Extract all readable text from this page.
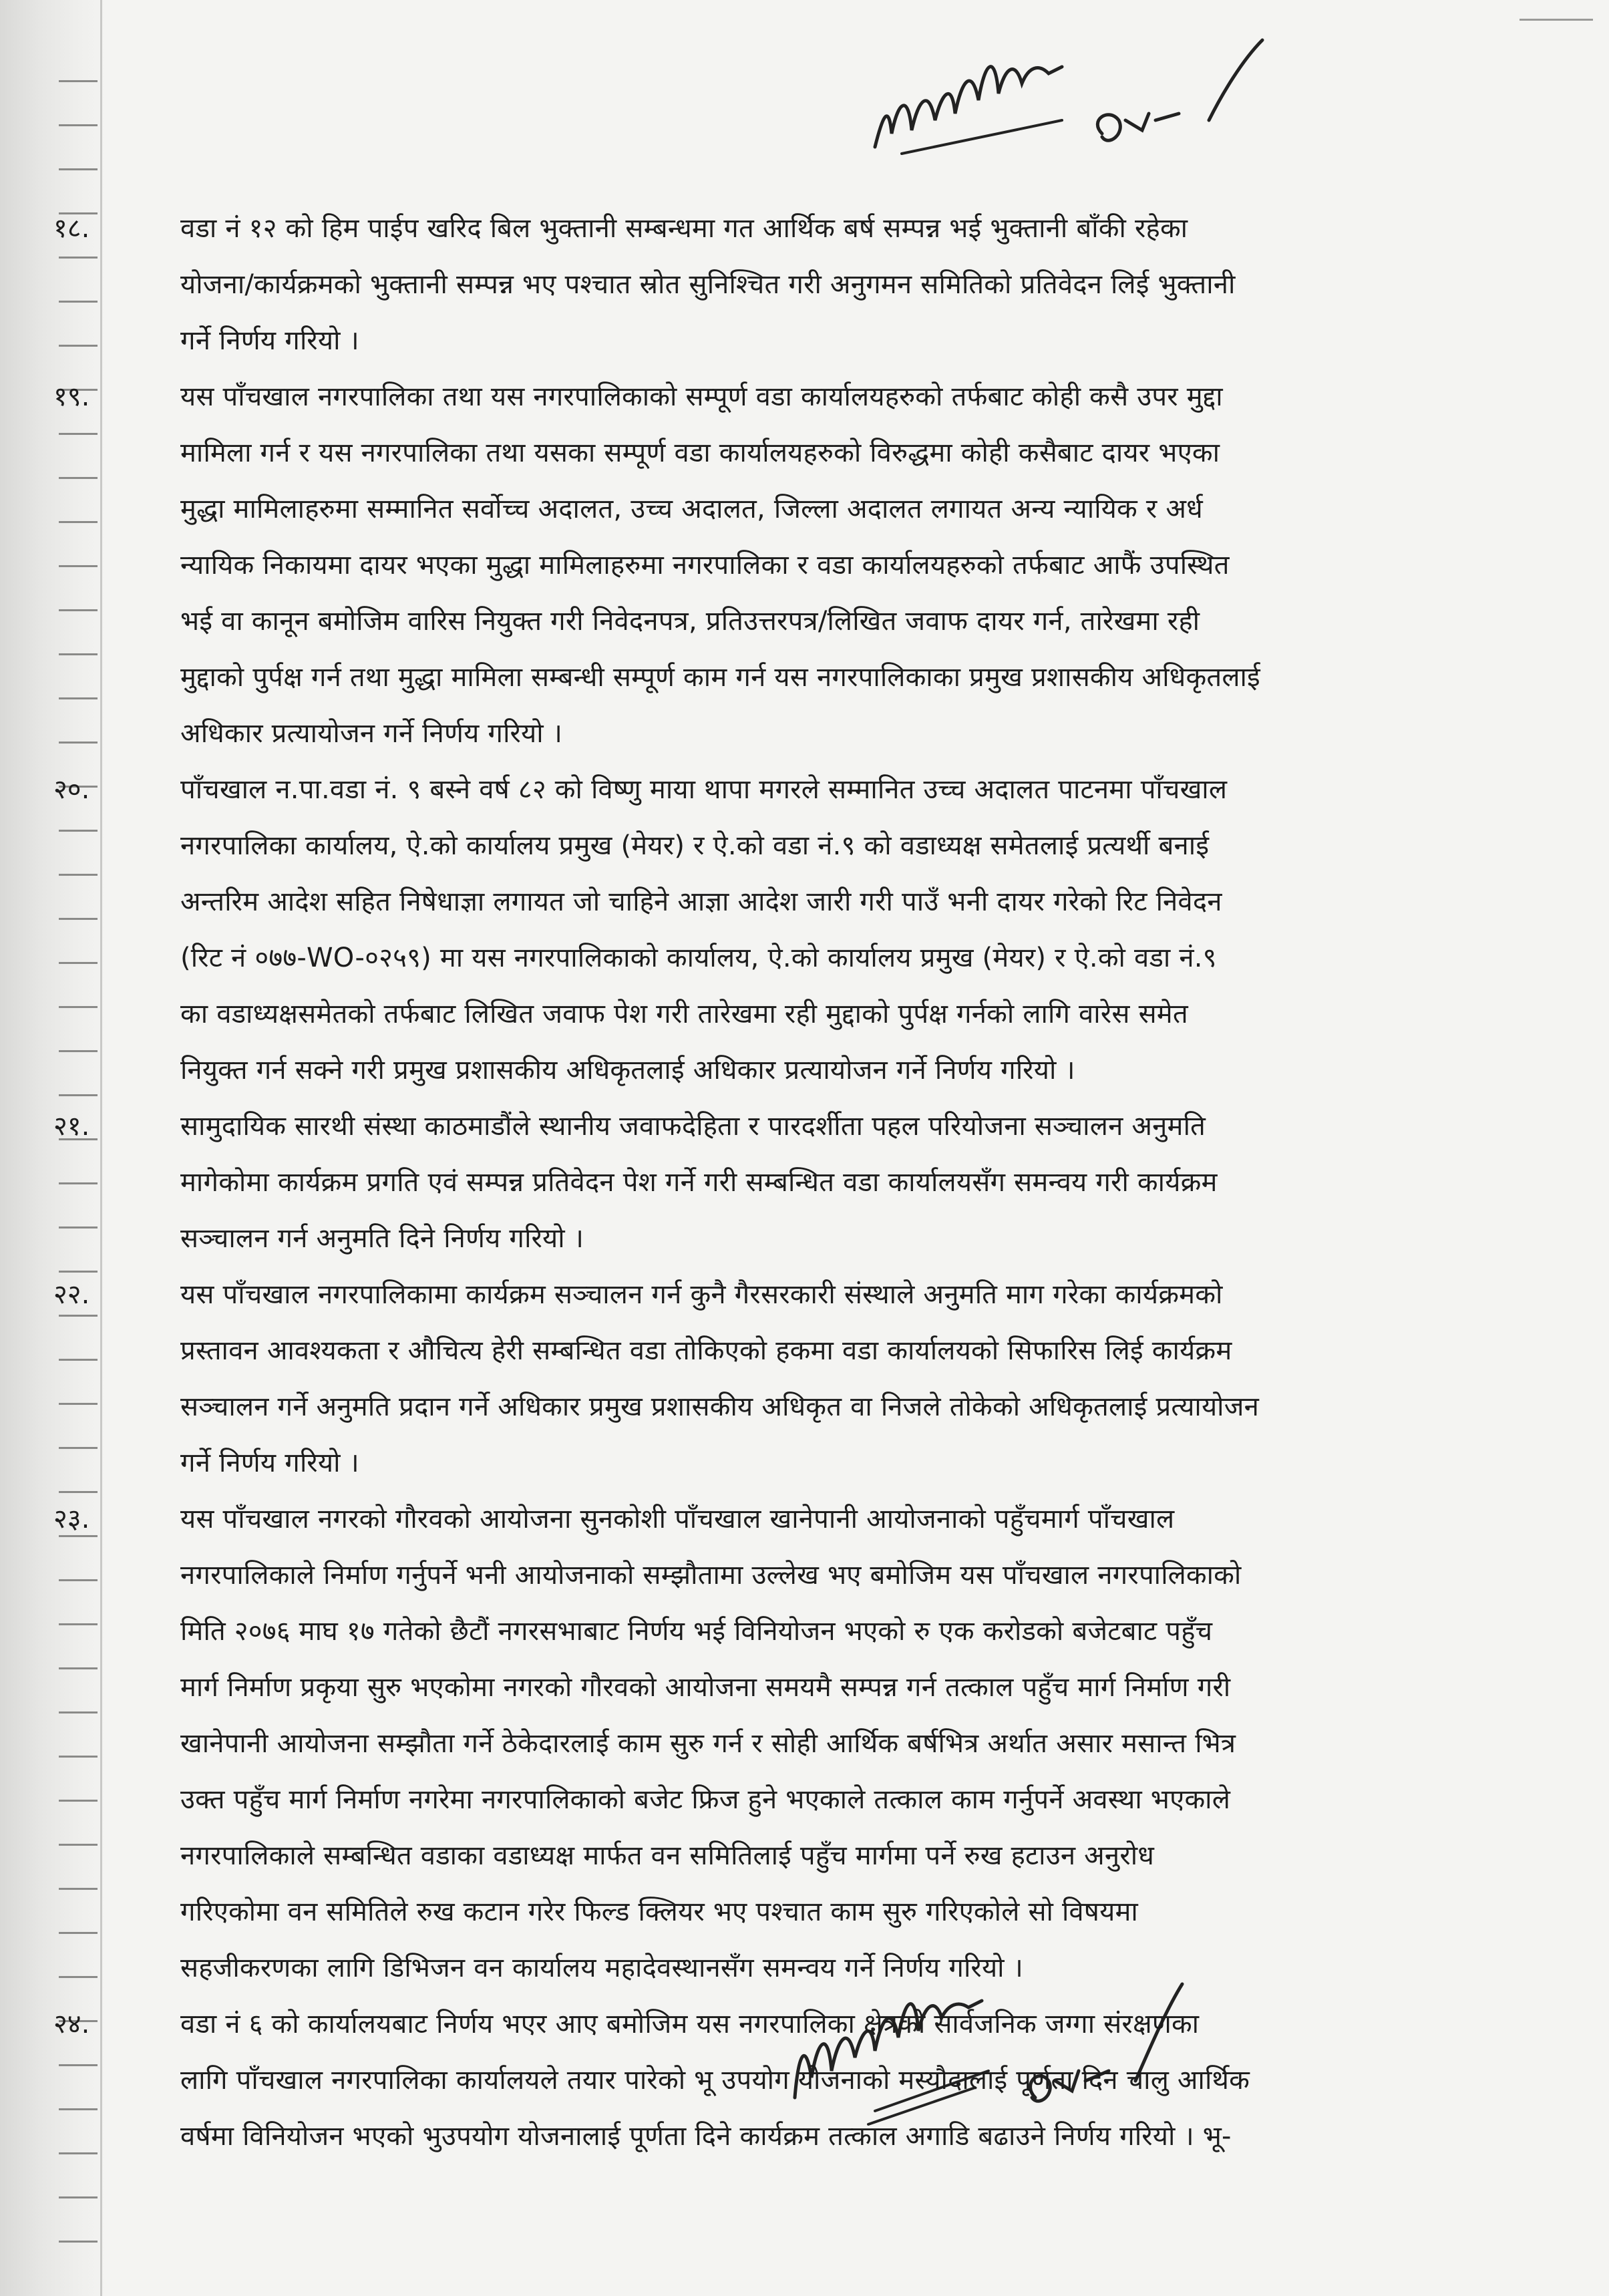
१८.	वडा नं १२ को हिम पाईप खरिद बिल भुक्तानी सम्बन्धमा गत आर्थिक बर्ष सम्पन्न भई भुक्तानी बाँकी रहेका
योजना/कार्यक्रमको भुक्तानी सम्पन्न भए पश्चात स्रोत सुनिश्चित गरी अनुगमन समितिको प्रतिवेदन लिई भुक्तानी
गर्ने निर्णय गरियो ।
१९.	यस पाँचखाल नगरपालिका तथा यस नगरपालिकाको सम्पूर्ण वडा कार्यालयहरुको तर्फबाट कोही कसै उपर मुद्दा
मामिला गर्न र यस नगरपालिका तथा यसका सम्पूर्ण वडा कार्यालयहरुको विरुद्धमा कोही कसैबाट दायर भएका
मुद्धा मामिलाहरुमा सम्मानित सर्वोच्च अदालत, उच्च अदालत, जिल्ला अदालत लगायत अन्य न्यायिक र अर्ध
न्यायिक निकायमा दायर भएका मुद्धा मामिलाहरुमा नगरपालिका र वडा कार्यालयहरुको तर्फबाट आफैं उपस्थित
भई वा कानून बमोजिम वारिस नियुक्त गरी निवेदनपत्र, प्रतिउत्तरपत्र/लिखित जवाफ दायर गर्न, तारेखमा रही
मुद्दाको पुर्पक्ष गर्न तथा मुद्धा मामिला सम्बन्धी सम्पूर्ण काम गर्न यस नगरपालिकाका प्रमुख प्रशासकीय अधिकृतलाई
अधिकार प्रत्यायोजन गर्ने निर्णय गरियो ।
२०.	पाँचखाल न.पा.वडा नं. ९ बस्ने वर्ष ८२ को विष्णु माया थापा मगरले सम्मानित उच्च अदालत पाटनमा पाँचखाल
नगरपालिका कार्यालय, ऐ.को कार्यालय प्रमुख (मेयर) र ऐ.को वडा नं.९ को वडाध्यक्ष समेतलाई प्रत्यर्थी बनाई
अन्तरिम आदेश सहित निषेधाज्ञा लगायत जो चाहिने आज्ञा आदेश जारी गरी पाउँ भनी दायर गरेको रिट निवेदन
(रिट नं ०७७-WO-०२५९) मा यस नगरपालिकाको कार्यालय, ऐ.को कार्यालय प्रमुख (मेयर) र ऐ.को वडा नं.९
का वडाध्यक्षसमेतको तर्फबाट लिखित जवाफ पेश गरी तारेखमा रही मुद्दाको पुर्पक्ष गर्नको लागि वारेस समेत
नियुक्त गर्न सक्ने गरी प्रमुख प्रशासकीय अधिकृतलाई अधिकार प्रत्यायोजन गर्ने निर्णय गरियो ।
२१.	सामुदायिक सारथी संस्था काठमाडौंले स्थानीय जवाफदेहिता र पारदर्शीता पहल परियोजना सञ्चालन अनुमति
मागेकोमा कार्यक्रम प्रगति एवं सम्पन्न प्रतिवेदन पेश गर्ने गरी सम्बन्धित वडा कार्यालयसँग समन्वय गरी कार्यक्रम
सञ्चालन गर्न अनुमति दिने निर्णय गरियो ।
२२.	यस पाँचखाल नगरपालिकामा कार्यक्रम सञ्चालन गर्न कुनै गैरसरकारी संस्थाले अनुमति माग गरेका कार्यक्रमको
प्रस्तावन आवश्यकता र औचित्य हेरी सम्बन्धित वडा तोकिएको हकमा वडा कार्यालयको सिफारिस लिई कार्यक्रम
सञ्चालन गर्ने अनुमति प्रदान गर्ने अधिकार प्रमुख प्रशासकीय अधिकृत वा निजले तोकेको अधिकृतलाई प्रत्यायोजन
गर्ने निर्णय गरियो ।
२३.	यस पाँचखाल नगरको गौरवको आयोजना सुनकोशी पाँचखाल खानेपानी आयोजनाको पहुँचमार्ग पाँचखाल
नगरपालिकाले निर्माण गर्नुपर्ने भनी आयोजनाको सम्झौतामा उल्लेख भए बमोजिम यस पाँचखाल नगरपालिकाको
मिति २०७६ माघ १७ गतेको छैटौं नगरसभाबाट निर्णय भई विनियोजन भएको रु एक करोडको बजेटबाट पहुँच
मार्ग निर्माण प्रकृया सुरु भएकोमा नगरको गौरवको आयोजना समयमै सम्पन्न गर्न तत्काल पहुँच मार्ग निर्माण गरी
खानेपानी आयोजना सम्झौता गर्ने ठेकेदारलाई काम सुरु गर्न र सोही आर्थिक बर्षभित्र अर्थात असार मसान्त भित्र
उक्त पहुँच मार्ग निर्माण नगरेमा नगरपालिकाको बजेट फ्रिज हुने भएकाले तत्काल काम गर्नुपर्ने अवस्था भएकाले
नगरपालिकाले सम्बन्धित वडाका वडाध्यक्ष मार्फत वन समितिलाई पहुँच मार्गमा पर्ने रुख हटाउन अनुरोध
गरिएकोमा वन समितिले रुख कटान गरेर फिल्ड क्लियर भए पश्चात काम सुरु गरिएकोले सो विषयमा
सहजीकरणका लागि डिभिजन वन कार्यालय महादेवस्थानसँग समन्वय गर्ने निर्णय गरियो ।
२४.	वडा नं ६ को कार्यालयबाट निर्णय भएर आए बमोजिम यस नगरपालिका क्षेत्रको सार्वजनिक जग्गा संरक्षणका
लागि पाँचखाल नगरपालिका कार्यालयले तयार पारेको भू उपयोग योजनाको मस्यौदालाई पूर्णता दिन चालु आर्थिक
वर्षमा विनियोजन भएको भुउपयोग योजनालाई पूर्णता दिने कार्यक्रम तत्काल अगाडि बढाउने निर्णय गरियो । भू-
